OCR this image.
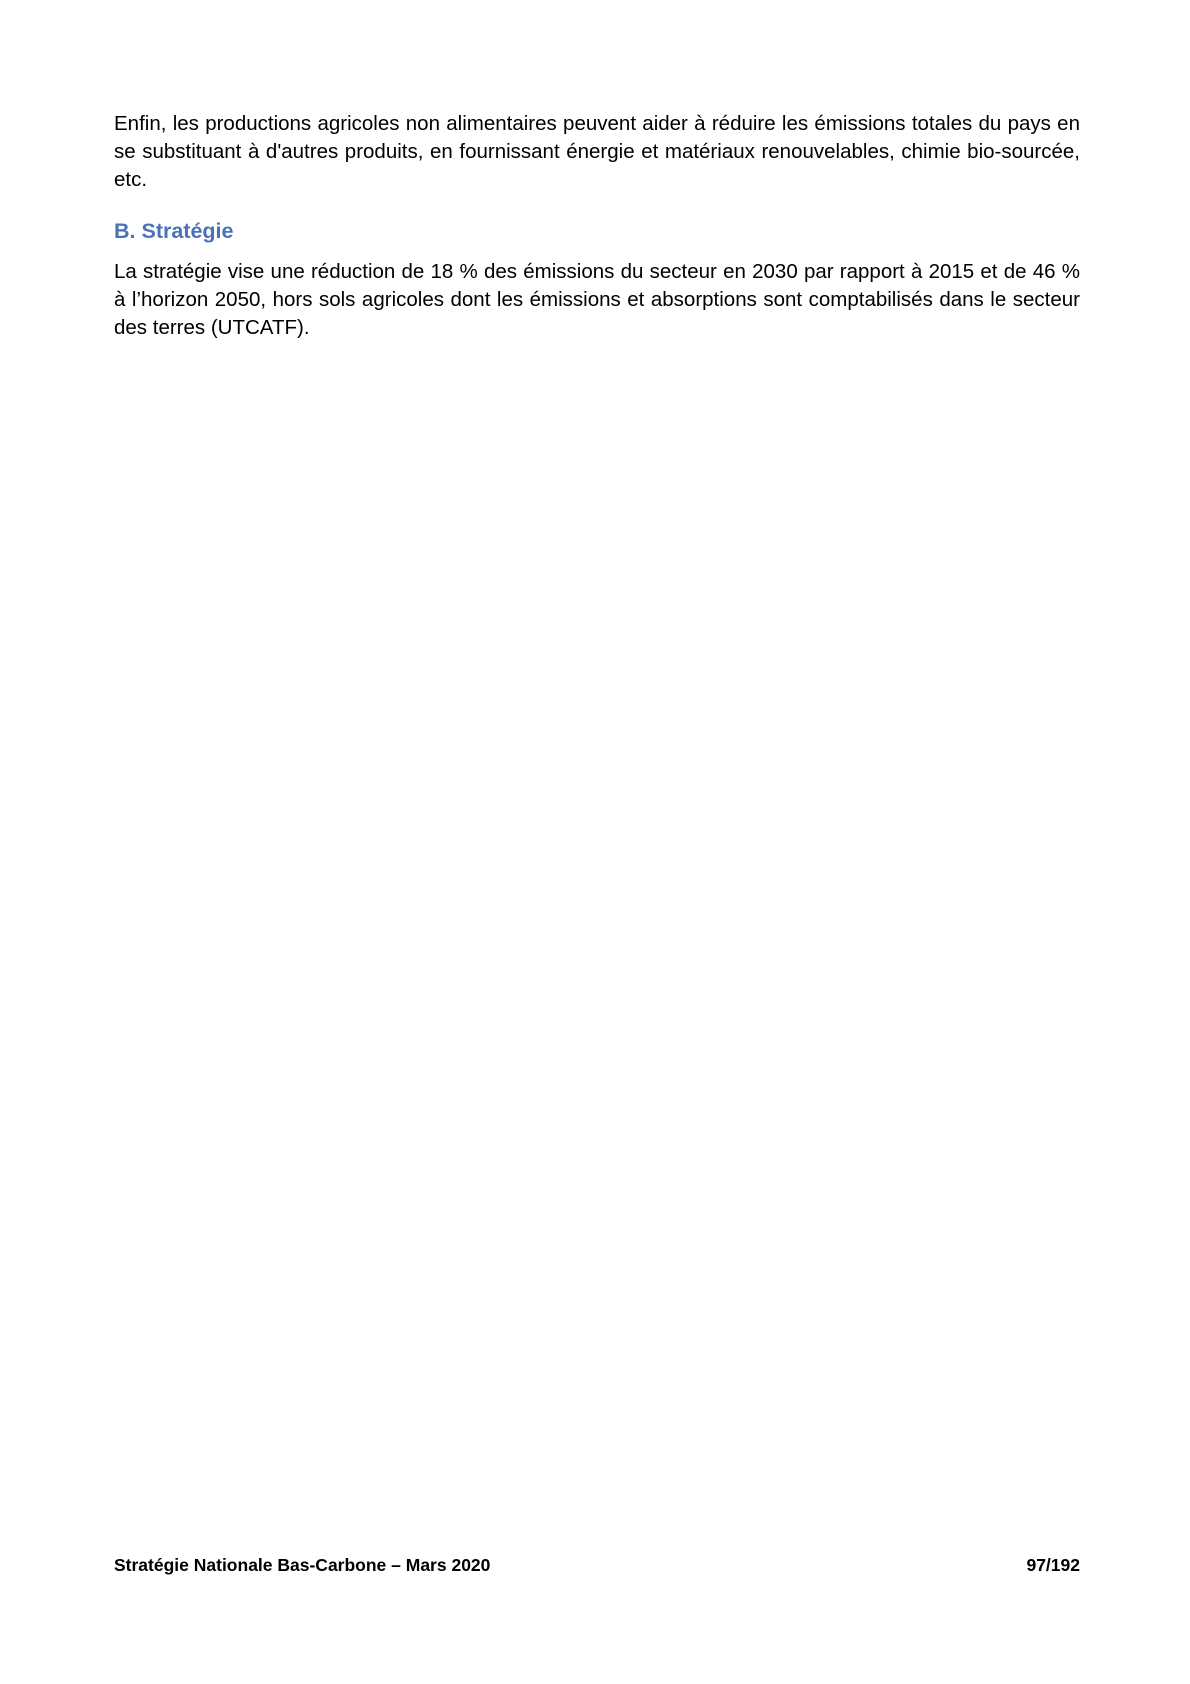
Enfin, les productions agricoles non alimentaires peuvent aider à réduire les émissions totales du pays en se substituant à d'autres produits, en fournissant énergie et matériaux renouvelables, chimie bio-sourcée, etc.

B. Stratégie

La stratégie vise une réduction de 18 % des émissions du secteur en 2030 par rapport à 2015 et de 46 % à l’horizon 2050, hors sols agricoles dont les émissions et absorptions sont comptabilisés dans le secteur des terres (UTCATF).

Stratégie Nationale Bas-Carbone – Mars 2020	97/192
